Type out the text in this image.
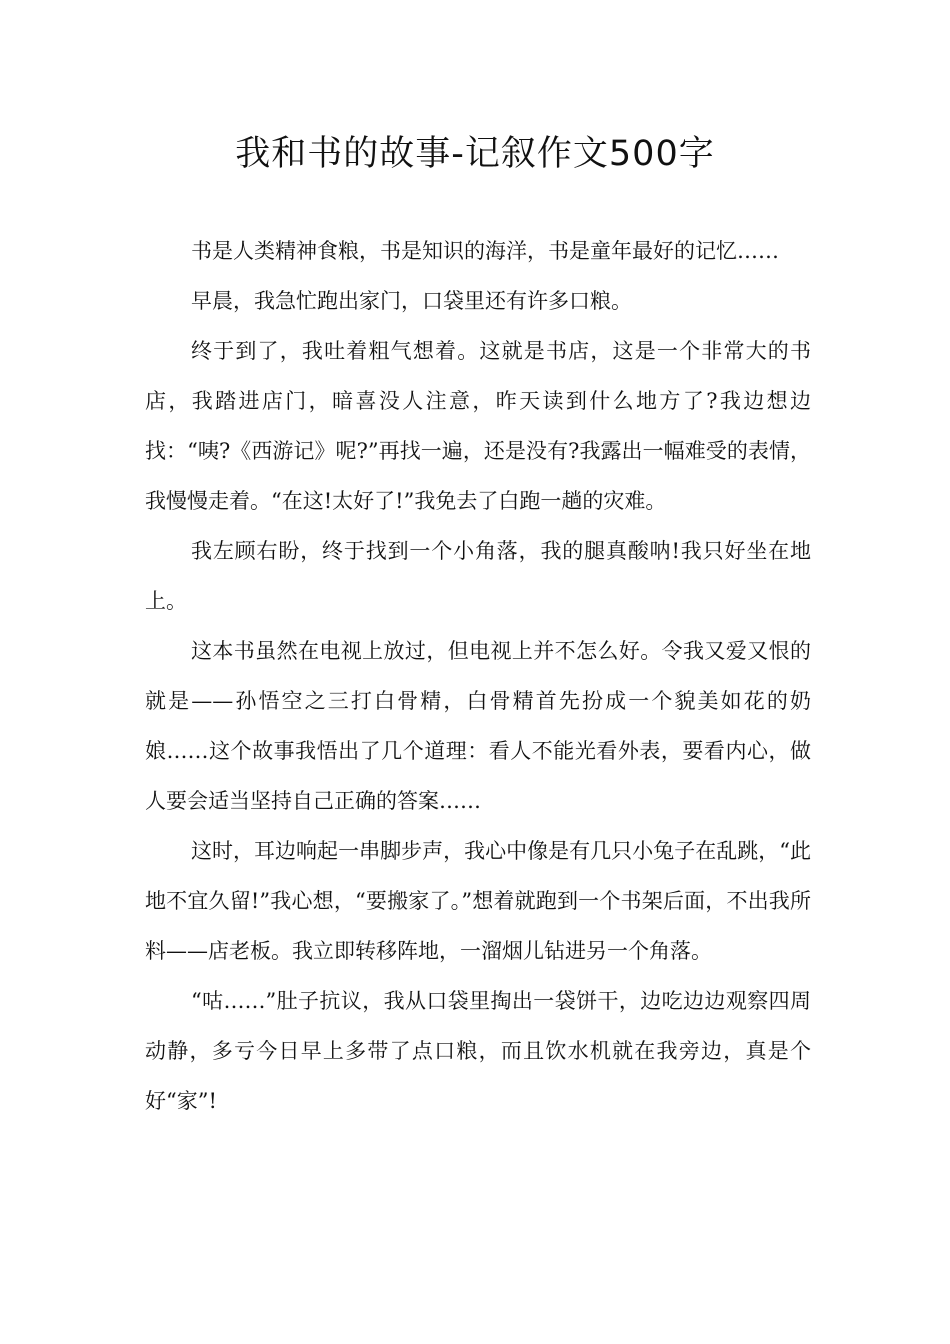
我和书的故事-记叙作文500字

书是人类精神食粮，书是知识的海洋，书是童年最好的记忆……

早晨，我急忙跑出家门，口袋里还有许多口粮。

终于到了，我吐着粗气想着。这就是书店，这是一个非常大的书店，我踏进店门，暗喜没人注意，昨天读到什么地方了?我边想边找：“咦?《西游记》呢?”再找一遍，还是没有?我露出一幅难受的表情，我慢慢走着。“在这!太好了!”我免去了白跑一趟的灾难。

我左顾右盼，终于找到一个小角落，我的腿真酸呐!我只好坐在地上。

这本书虽然在电视上放过，但电视上并不怎么好。令我又爱又恨的就是——孙悟空之三打白骨精，白骨精首先扮成一个貌美如花的奶娘……这个故事我悟出了几个道理：看人不能光看外表，要看内心，做人要会适当坚持自己正确的答案……

这时，耳边响起一串脚步声，我心中像是有几只小兔子在乱跳，“此地不宜久留!”我心想，“要搬家了。”想着就跑到一个书架后面，不出我所料——店老板。我立即转移阵地，一溜烟儿钻进另一个角落。

“咕……”肚子抗议，我从口袋里掏出一袋饼干，边吃边边观察四周动静，多亏今日早上多带了点口粮，而且饮水机就在我旁边，真是个好“家”!
